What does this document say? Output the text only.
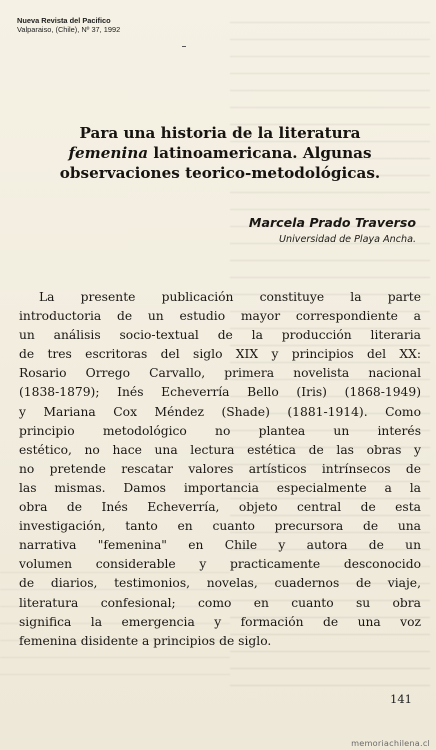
Nueva Revista del Pacifico
Valparaiso, (Chile), Nº 37, 1992
Para una historia de la literatura
femenina latinoamericana. Algunas
observaciones teorico-metodológicas.
Marcela Prado Traverso
Universidad de Playa Ancha.
La presente publicación constituye la parte
introductoria de un estudio mayor correspondiente a
un análisis socio-textual de la producción literaria
de tres escritoras del siglo XIX y principios del XX:
Rosario Orrego Carvallo, primera novelista nacional
(1838-1879); Inés Echeverría Bello (Iris) (1868-1949)
y Mariana Cox Méndez (Shade) (1881-1914). Como
principio metodológico no plantea un interés
estético, no hace una lectura estética de las obras y
no pretende rescatar valores artísticos intrínsecos de
las mismas. Damos importancia especialmente a la
obra de Inés Echeverría, objeto central de esta
investigación, tanto en cuanto precursora de una
narrativa "femenina" en Chile y autora de un
volumen considerable y practicamente desconocido
de diarios, testimonios, novelas, cuadernos de viaje,
literatura confesional; como en cuanto su obra
significa la emergencia y formación de una voz
femenina disidente a principios de siglo.
141
memoriachilena.cl
